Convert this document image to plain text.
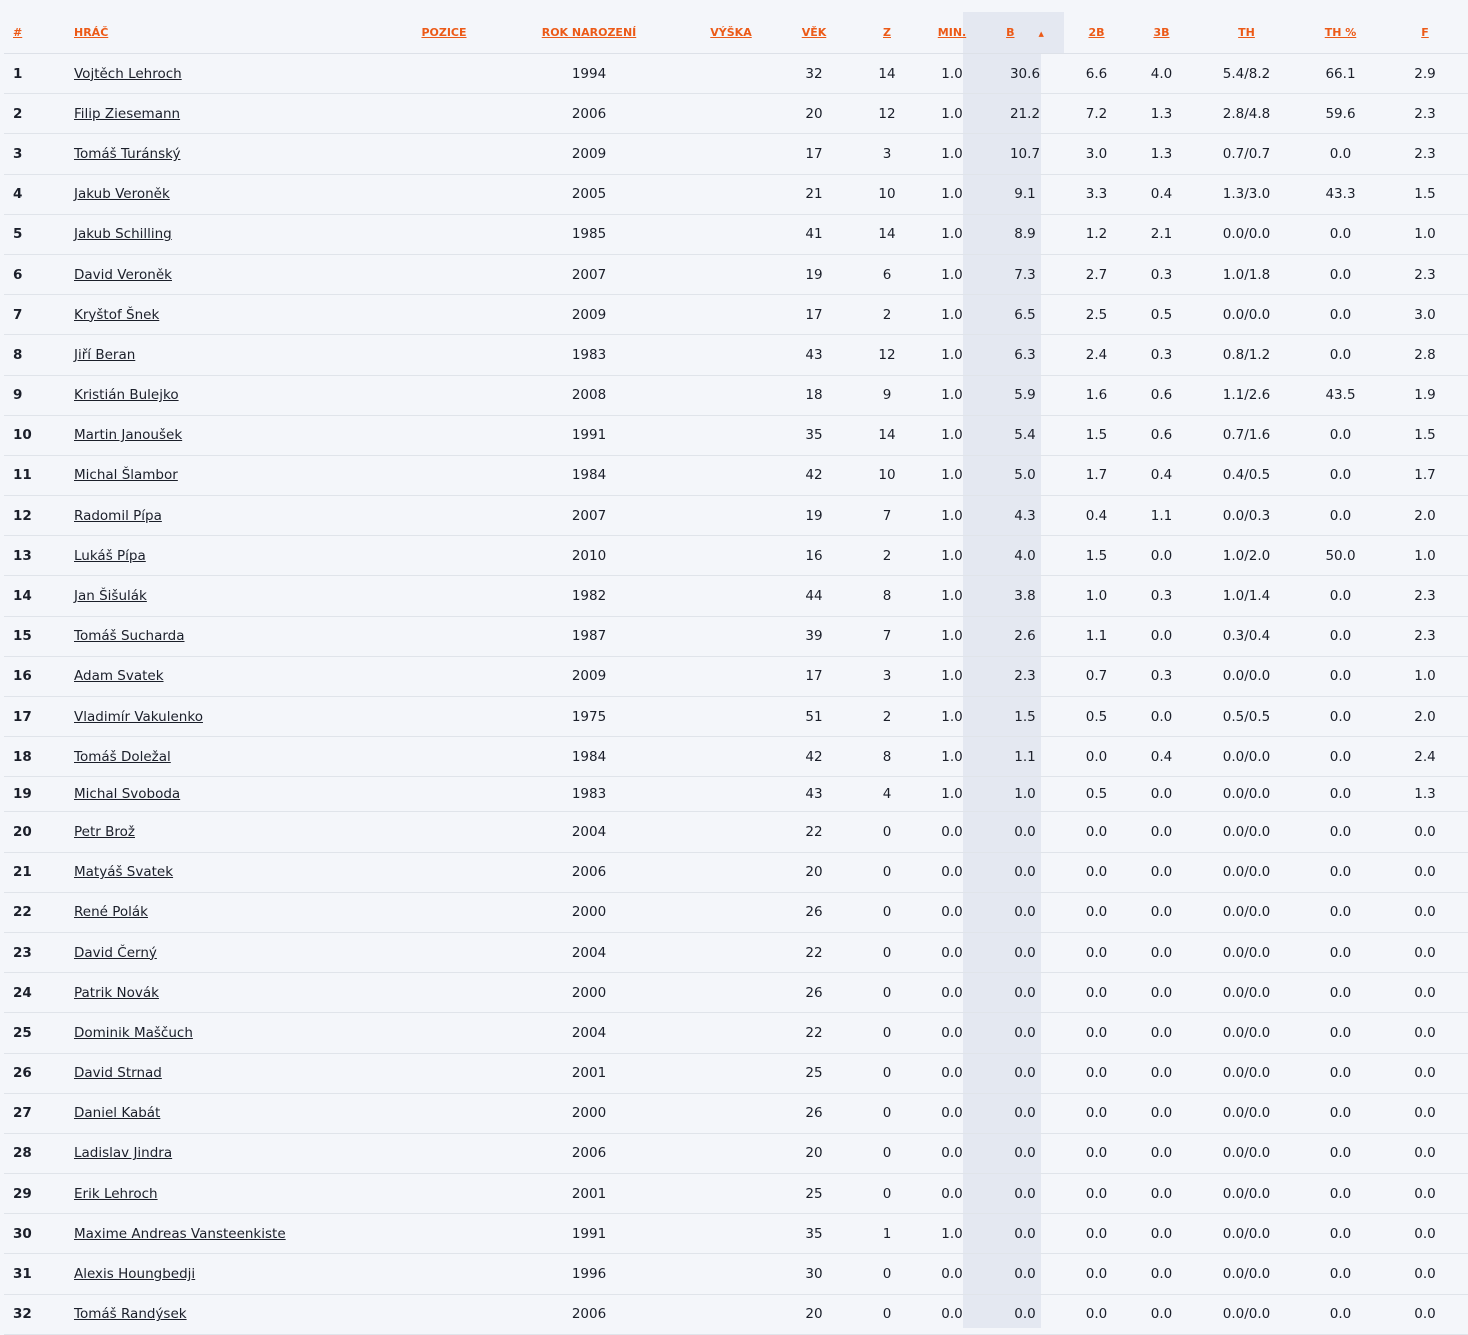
#	HRÁČ	POZICE	ROK NAROZENÍ	VÝŠKA	VĚK	Z	MIN.	B ▲	2B	3B	TH	TH %	F
1	Vojtěch Lehroch		1994		32	14	1.0	30.6	6.6	4.0	5.4/8.2	66.1	2.9
2	Filip Ziesemann		2006		20	12	1.0	21.2	7.2	1.3	2.8/4.8	59.6	2.3
3	Tomáš Turánský		2009		17	3	1.0	10.7	3.0	1.3	0.7/0.7	0.0	2.3
4	Jakub Veroněk		2005		21	10	1.0	9.1	3.3	0.4	1.3/3.0	43.3	1.5
5	Jakub Schilling		1985		41	14	1.0	8.9	1.2	2.1	0.0/0.0	0.0	1.0
6	David Veroněk		2007		19	6	1.0	7.3	2.7	0.3	1.0/1.8	0.0	2.3
7	Kryštof Šnek		2009		17	2	1.0	6.5	2.5	0.5	0.0/0.0	0.0	3.0
8	Jiří Beran		1983		43	12	1.0	6.3	2.4	0.3	0.8/1.2	0.0	2.8
9	Kristián Bulejko		2008		18	9	1.0	5.9	1.6	0.6	1.1/2.6	43.5	1.9
10	Martin Janoušek		1991		35	14	1.0	5.4	1.5	0.6	0.7/1.6	0.0	1.5
11	Michal Šlambor		1984		42	10	1.0	5.0	1.7	0.4	0.4/0.5	0.0	1.7
12	Radomil Pípa		2007		19	7	1.0	4.3	0.4	1.1	0.0/0.3	0.0	2.0
13	Lukáš Pípa		2010		16	2	1.0	4.0	1.5	0.0	1.0/2.0	50.0	1.0
14	Jan Šišulák		1982		44	8	1.0	3.8	1.0	0.3	1.0/1.4	0.0	2.3
15	Tomáš Sucharda		1987		39	7	1.0	2.6	1.1	0.0	0.3/0.4	0.0	2.3
16	Adam Svatek		2009		17	3	1.0	2.3	0.7	0.3	0.0/0.0	0.0	1.0
17	Vladimír Vakulenko		1975		51	2	1.0	1.5	0.5	0.0	0.5/0.5	0.0	2.0
18	Tomáš Doležal		1984		42	8	1.0	1.1	0.0	0.4	0.0/0.0	0.0	2.4
19	Michal Svoboda		1983		43	4	1.0	1.0	0.5	0.0	0.0/0.0	0.0	1.3
20	Petr Brož		2004		22	0	0.0	0.0	0.0	0.0	0.0/0.0	0.0	0.0
21	Matyáš Svatek		2006		20	0	0.0	0.0	0.0	0.0	0.0/0.0	0.0	0.0
22	René Polák		2000		26	0	0.0	0.0	0.0	0.0	0.0/0.0	0.0	0.0
23	David Černý		2004		22	0	0.0	0.0	0.0	0.0	0.0/0.0	0.0	0.0
24	Patrik Novák		2000		26	0	0.0	0.0	0.0	0.0	0.0/0.0	0.0	0.0
25	Dominik Maščuch		2004		22	0	0.0	0.0	0.0	0.0	0.0/0.0	0.0	0.0
26	David Strnad		2001		25	0	0.0	0.0	0.0	0.0	0.0/0.0	0.0	0.0
27	Daniel Kabát		2000		26	0	0.0	0.0	0.0	0.0	0.0/0.0	0.0	0.0
28	Ladislav Jindra		2006		20	0	0.0	0.0	0.0	0.0	0.0/0.0	0.0	0.0
29	Erik Lehroch		2001		25	0	0.0	0.0	0.0	0.0	0.0/0.0	0.0	0.0
30	Maxime Andreas Vansteenkiste		1991		35	1	1.0	0.0	0.0	0.0	0.0/0.0	0.0	0.0
31	Alexis Houngbedji		1996		30	0	0.0	0.0	0.0	0.0	0.0/0.0	0.0	0.0
32	Tomáš Randýsek		2006		20	0	0.0	0.0	0.0	0.0	0.0/0.0	0.0	0.0
